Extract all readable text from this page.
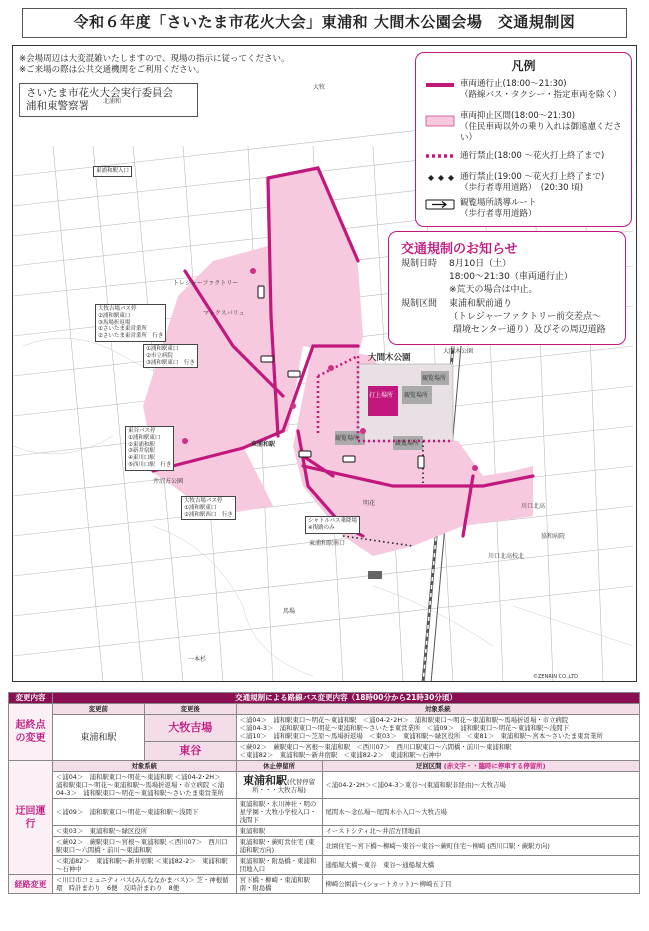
令和６年度「さいたま市花火大会」東浦和 大間木公園会場　交通規制図
※会場周辺は大変混雑いたしますので、現場の指示に従ってください。
※ご来場の際は公共交通機関をご利用ください。
さいたま市花火大会実行委員会
浦和東警察署
凡例
車両通行止(18:00～21:30)
（路線バス・タクシー・指定車両を除く）
車両抑止区間(18:00～21:30)
（住民車両以外の乗り入れは御遠慮ください）
通行禁止(18:00 ～花火打上終了まで)
通行禁止(19:00 ～花火打上終了まで)
（歩行者専用道路）　(20:30 頃)
観覧場所誘導ルート
（歩行者専用道路）
交通規制のお知らせ
規制日時	8月10日（土）
18:00～21:30（車両通行止）
※荒天の場合は中止。
規制区間	東浦和駅前通り
（トレジャーファクトリー前交差点～
環境センター通り）及びその周辺道路
大間木公園
打上場所 観覧場所
観覧場所
観覧場所
観覧場所
東浦和駅
東浦和駅入口
川口北高
協和病院
川口北高校北
トレジャーファクトリー
マックスバリュ
井沼方公園
シャトルバス乗降場
※復路のみ
東浦和駅南口
大牧
大間木公園
明花
一本杉
北浦和
馬場
©ZENRIN CO.,LTD
大牧吉場バス停
②浦和駅東口
③馬場折返場
①さいたま東営業所
②さいたま東営業所　行き
①浦和駅東口
②市立病院
③浦和駅東口　行き
東谷バス停
①浦和駅東口
②東浦和駅
③新井宿駅
④東川口駅
⑤西川口駅　行き
大牧吉場バス停
①浦和駅東口
②浦和駅西口　行き
変更内容	交通規制による路線バス変更内容（18時00分から21時30分頃）			
起終点の変更	変更前	変更後	対象系統	
	東浦和駅	大牧吉場	＜浦04＞　浦和駅東口～明花～東浦和駅　＜浦04-2･2H＞　浦和駅東口～明花～東浦和駅～馬場折返場・市立病院
＜浦04-3＞　浦和駅東口～明花～東浦和駅～さいたま東営業所　＜浦09＞　浦和駅東口～明花～東浦和駅～浅間下
＜浦10＞　浦和駅東口～芝原～馬場折返場　＜東03＞　東浦和駅～緑区役所　＜東81＞　東浦和駅～宮本～さいたま東営業所	

		東谷	＜蕨02＞　蕨駅東口～宮根～東浦和駅　＜西川07＞　西川口駅東口～六間橋・前川～東浦和駅
＜東浦82＞　東浦和駅～新井宿駅　＜東浦82-2＞　東浦和駅～石神中	

迂回運行	対象系統		休止停留所	迂回区間 (赤文字・・臨時に停車する停留所)
	＜浦04＞　浦和駅東口～明花～東浦和駅 ＜浦04-2･2H＞　浦和駅東口～明花～東浦和駅～馬場折返場・市立病院 ＜浦04-3＞　浦和駅東口～明花～東浦和駅～さいたま東営業所		東浦和駅(代替停留所・・・大牧吉場)	＜浦04-2･2H＞＜浦04-3＞東谷～(東浦和駅非経由)～大牧吉場
	＜浦09＞　浦和駅東口～明花～東浦和駅～浅間下		東浦和駅・氷川神社・明の星学園・大牧小学校入口・浅間下	尾間木～念仏場～尾間木小入口～大牧吉場
	＜東03＞　東浦和駅～緑区役所		東浦和駅	イーストシティ北～井沼方団地前
	＜蕨02＞　蕨駅東口～宮根～東浦和駅 ＜西川07＞　西川口駅東口～六間橋・前川～東浦和駅		東浦和駅・蕨町営住宅 (東浦和駅方向)	北園住宅～宮下橋～柳崎～東谷～東谷～蕨町住宅～柳崎 (西川口駅・蕨駅方向)
	＜東浦82＞　東浦和駅～新井宿駅 ＜東浦82-2＞　東浦和駅～石神中		東浦和駅・附島橋・東浦和団地入口	通船堀大橋～東谷　東谷～通船堀大橋
経路変更	＜川口市コミュニティバス(みんななかまバス)＞ 芝・神根循環　時計まわり　6便　反時計まわり　8便		宮下橋・柳崎・東浦和駅南・附島橋	柳崎公園前～(ショートカット)～柳崎五丁目
